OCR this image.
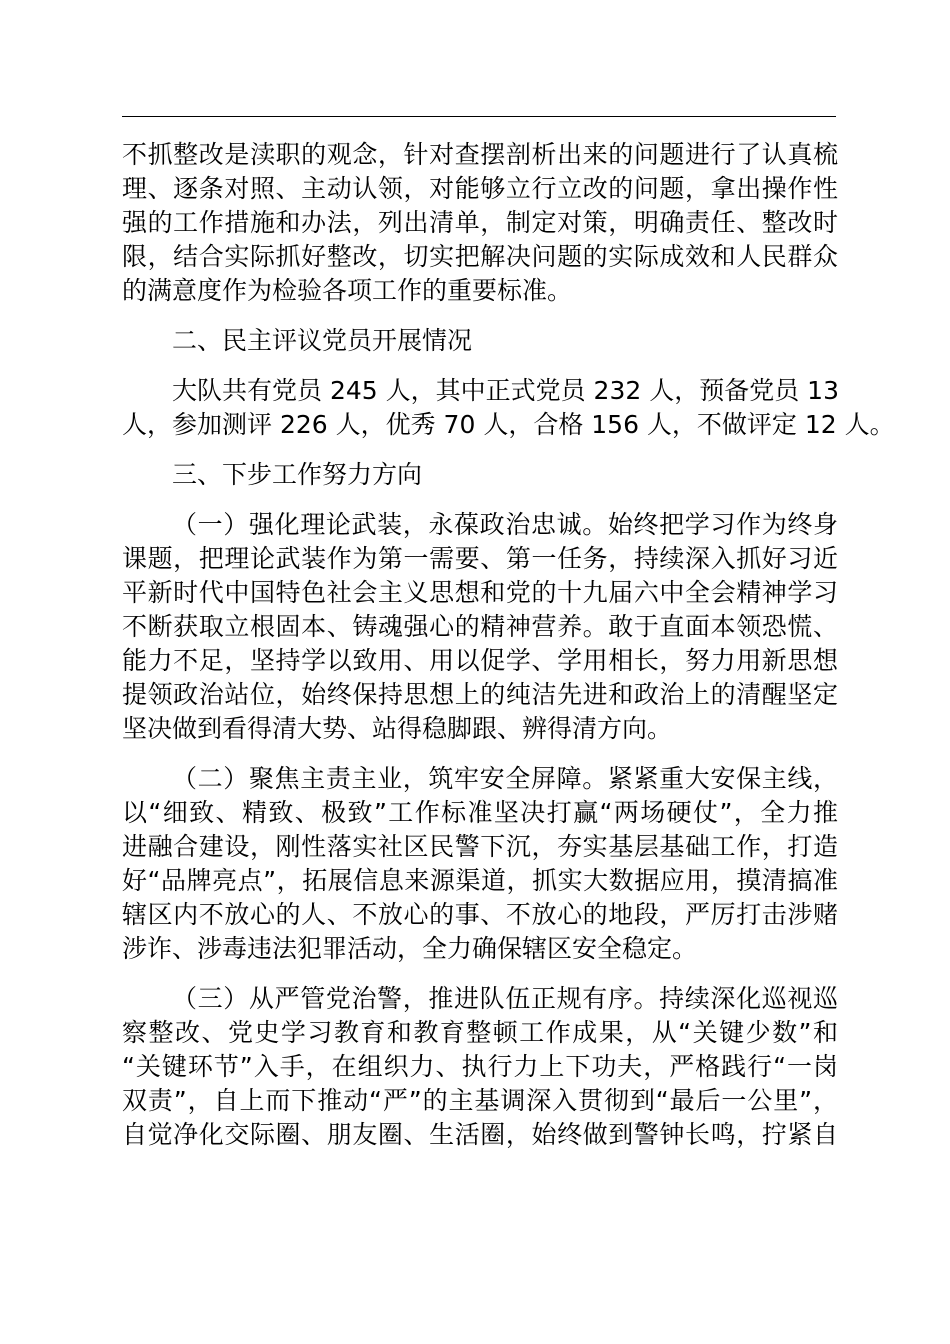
不抓整改是渎职的观念，针对查摆剖析出来的问题进行了认真梳
理、逐条对照、主动认领，对能够立行立改的问题，拿出操作性
强的工作措施和办法，列出清单，制定对策，明确责任、整改时
限，结合实际抓好整改，切实把解决问题的实际成效和人民群众
的满意度作为检验各项工作的重要标准。
二、民主评议党员开展情况
大队共有党员 245 人，其中正式党员 232 人，预备党员 13
人，参加测评 226 人，优秀 70 人，合格 156 人，不做评定 12 人。
三、下步工作努力方向
（一）强化理论武装，永葆政治忠诚。始终把学习作为终身
课题，把理论武装作为第一需要、第一任务，持续深入抓好习近
平新时代中国特色社会主义思想和党的十九届六中全会精神学习
不断获取立根固本、铸魂强心的精神营养。敢于直面本领恐慌、
能力不足，坚持学以致用、用以促学、学用相长，努力用新思想
提领政治站位，始终保持思想上的纯洁先进和政治上的清醒坚定
坚决做到看得清大势、站得稳脚跟、辨得清方向。
（二）聚焦主责主业，筑牢安全屏障。紧紧重大安保主线，
以“细致、精致、极致”工作标准坚决打赢“两场硬仗”，全力推
进融合建设，刚性落实社区民警下沉，夯实基层基础工作，打造
好“品牌亮点”，拓展信息来源渠道，抓实大数据应用，摸清搞准
辖区内不放心的人、不放心的事、不放心的地段，严厉打击涉赌
涉诈、涉毒违法犯罪活动，全力确保辖区安全稳定。
（三）从严管党治警，推进队伍正规有序。持续深化巡视巡
察整改、党史学习教育和教育整顿工作成果，从“关键少数”和
“关键环节”入手，在组织力、执行力上下功夫，严格践行“一岗
双责”，自上而下推动“严”的主基调深入贯彻到“最后一公里”，
自觉净化交际圈、朋友圈、生活圈，始终做到警钟长鸣，拧紧自
